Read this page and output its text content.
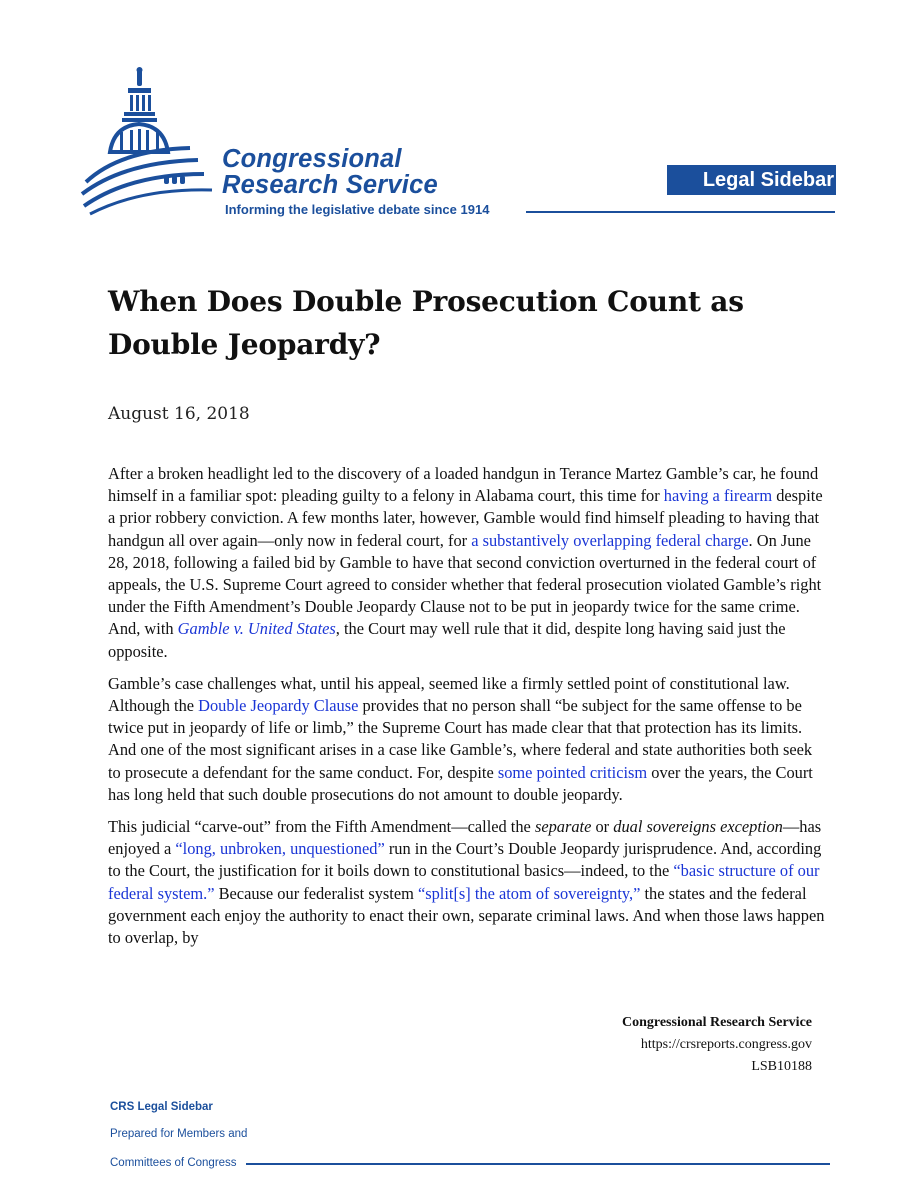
Congressional
Research Service
Informing the legislative debate since 1914
Legal Sidebar
When Does Double Prosecution Count as Double Jeopardy?
August 16, 2018

After a broken headlight led to the discovery of a loaded handgun in Terance Martez Gamble’s car, he found himself in a familiar spot: pleading guilty to a felony in Alabama court, this time for having a firearm despite a prior robbery conviction. A few months later, however, Gamble would find himself pleading to having that handgun all over again—only now in federal court, for a substantively overlapping federal charge. On June 28, 2018, following a failed bid by Gamble to have that second conviction overturned in the federal court of appeals, the U.S. Supreme Court agreed to consider whether that federal prosecution violated Gamble’s right under the Fifth Amendment’s Double Jeopardy Clause not to be put in jeopardy twice for the same crime. And, with Gamble v. United States, the Court may well rule that it did, despite long having said just the opposite.

Gamble’s case challenges what, until his appeal, seemed like a firmly settled point of constitutional law. Although the Double Jeopardy Clause provides that no person shall “be subject for the same offense to be twice put in jeopardy of life or limb,” the Supreme Court has made clear that that protection has its limits. And one of the most significant arises in a case like Gamble’s, where federal and state authorities both seek to prosecute a defendant for the same conduct. For, despite some pointed criticism over the years, the Court has long held that such double prosecutions do not amount to double jeopardy.

This judicial “carve-out” from the Fifth Amendment—called the separate or dual sovereigns exception—has enjoyed a “long, unbroken, unquestioned” run in the Court’s Double Jeopardy jurisprudence. And, according to the Court, the justification for it boils down to constitutional basics—indeed, to the “basic structure of our federal system.” Because our federalist system “split[s] the atom of sovereignty,” the states and the federal government each enjoy the authority to enact their own, separate criminal laws. And when those laws happen to overlap, by

Congressional Research Service
https://crsreports.congress.gov
LSB10188
CRS Legal Sidebar
Prepared for Members and
Committees of Congress
